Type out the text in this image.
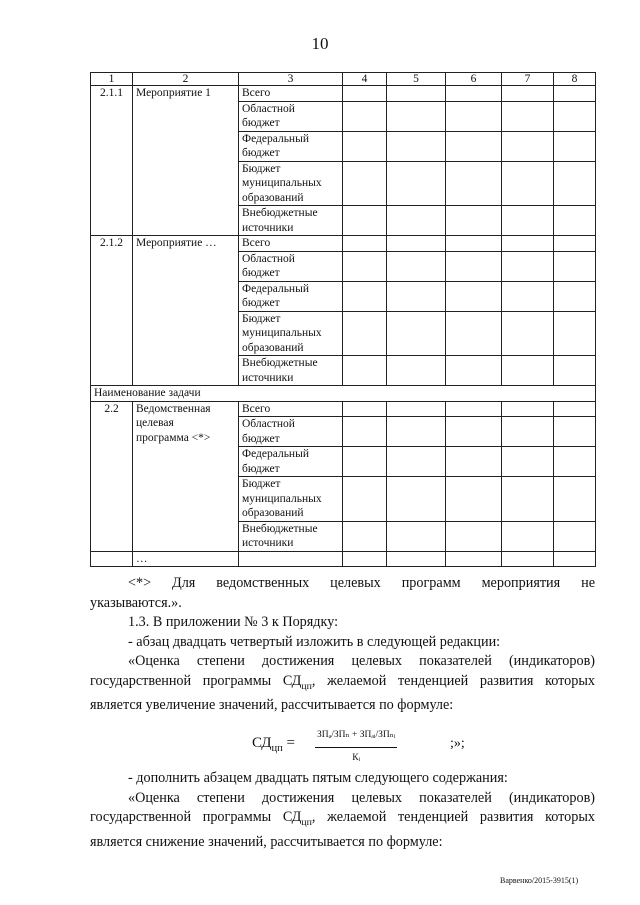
10
1	2	3	4	5	6	7	8
2.1.1	Мероприятие 1	Всего					

		Областной
бюджет					

		Федеральный
бюджет					

		Бюджет
муниципальных
образований					

		Внебюджетные
источники					

2.1.2	Мероприятие …	Всего					

		Областной
бюджет					

		Федеральный
бюджет					

		Бюджет
муниципальных
образований					

		Внебюджетные
источники					

Наименование задачи							
2.2	Ведомственная
целевая
программа <*>	Всего					

		Областной
бюджет					

		Федеральный
бюджет					

		Бюджет
муниципальных
образований					

		Внебюджетные
источники					

	…						

<*> Для ведомственных целевых программ мероприятия не

указываются.».

1.3. В приложении № 3 к Порядку:

- абзац двадцать четвертый изложить в следующей редакции:

«Оценка степени достижения целевых показателей (индикаторов)

государственной программы $СД_{цп}$, желаемой тенденцией развития которых

является увеличение значений, рассчитывается по формуле:

$СД_{цп} = ЗП_a/ЗП_n$ + ЗПₐᵢ/ЗПₙᵢ
Кᵢ
;»;

- дополнить абзацем двадцать пятым следующего содержания:

«Оценка степени достижения целевых показателей (индикаторов)

государственной программы $СД_{цп}$, желаемой тенденцией развития которых

является снижение значений, рассчитывается по формуле:

Варвенко/2015-3915(1)
